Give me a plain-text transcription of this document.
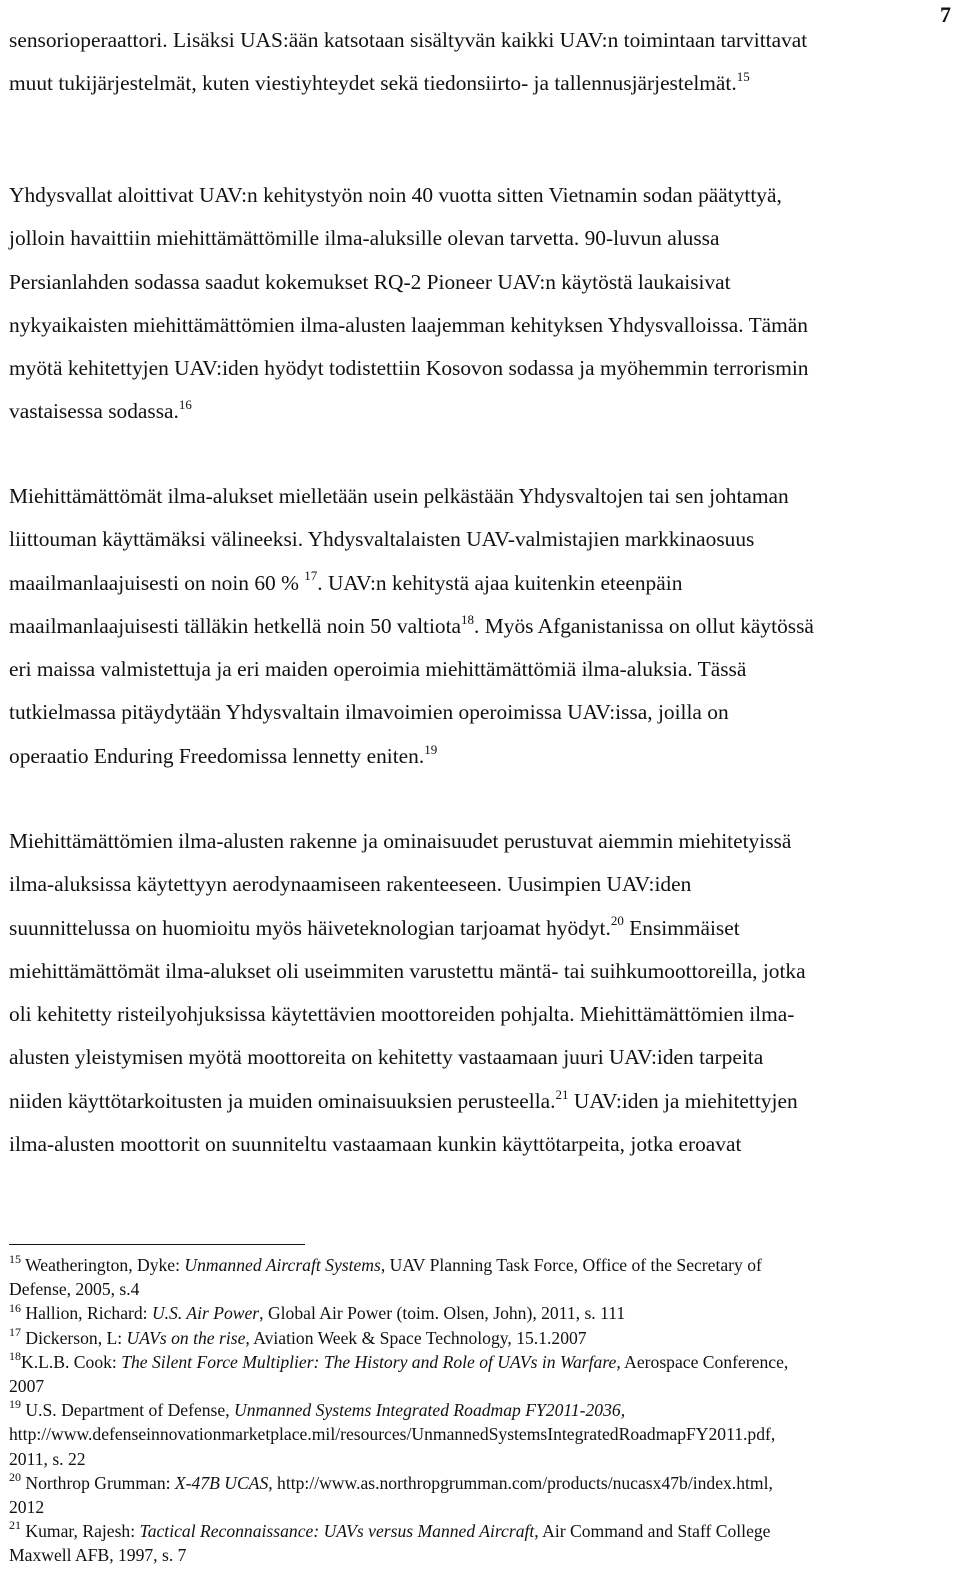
7
sensorioperaattori. Lisäksi UAS:ään katsotaan sisältyvän kaikki UAV:n toimintaan tarvittavat
muut tukijärjestelmät, kuten viestiyhteydet sekä tiedonsiirto- ja tallennusjärjestelmät.$^{15}$
Yhdysvallat aloittivat UAV:n kehitystyön noin 40 vuotta sitten Vietnamin sodan päätyttyä,
jolloin havaittiin miehittämättömille ilma-aluksille olevan tarvetta. 90-luvun alussa
Persianlahden sodassa saadut kokemukset RQ-2 Pioneer UAV:n käytöstä laukaisivat
nykyaikaisten miehittämättömien ilma-alusten laajemman kehityksen Yhdysvalloissa. Tämän
myötä kehitettyjen UAV:iden hyödyt todistettiin Kosovon sodassa ja myöhemmin terrorismin
vastaisessa sodassa.$^{16}$
Miehittämättömät ilma-alukset mielletään usein pelkästään Yhdysvaltojen tai sen johtaman
liittouman käyttämäksi välineeksi. Yhdysvaltalaisten UAV-valmistajien markkinaosuus
maailmanlaajuisesti on noin 60 % $^{17}$. UAV:n kehitystä ajaa kuitenkin eteenpäin
maailmanlaajuisesti tälläkin hetkellä noin 50 valtiota$^{18}$. Myös Afganistanissa on ollut käytössä
eri maissa valmistettuja ja eri maiden operoimia miehittämättömiä ilma-aluksia. Tässä
tutkielmassa pitäydytään Yhdysvaltain ilmavoimien operoimissa UAV:issa, joilla on
operaatio Enduring Freedomissa lennetty eniten.$^{19}$
Miehittämättömien ilma-alusten rakenne ja ominaisuudet perustuvat aiemmin miehitetyissä
ilma-aluksissa käytettyyn aerodynaamiseen rakenteeseen. Uusimpien UAV:iden
suunnittelussa on huomioitu myös häiveteknologian tarjoamat hyödyt.$^{20}$ Ensimmäiset
miehittämättömät ilma-alukset oli useimmiten varustettu mäntä- tai suihkumoottoreilla, jotka
oli kehitetty risteilyohjuksissa käytettävien moottoreiden pohjalta. Miehittämättömien ilma-
alusten yleistymisen myötä moottoreita on kehitetty vastaamaan juuri UAV:iden tarpeita
niiden käyttötarkoitusten ja muiden ominaisuuksien perusteella.$^{21}$ UAV:iden ja miehitettyjen
ilma-alusten moottorit on suunniteltu vastaamaan kunkin käyttötarpeita, jotka eroavat
$^{15}$ Weatherington, Dyke: Unmanned Aircraft Systems, UAV Planning Task Force, Office of the Secretary of
Defense, 2005, s.4
$^{16}$ Hallion, Richard: U.S. Air Power, Global Air Power (toim. Olsen, John), 2011, s. 111
$^{17}$ Dickerson, L: UAVs on the rise, Aviation Week & Space Technology, 15.1.2007
$^{18}$K.L.B. Cook: The Silent Force Multiplier: The History and Role of UAVs in Warfare, Aerospace Conference,
2007
$^{19}$ U.S. Department of Defense, Unmanned Systems Integrated Roadmap FY2011-2036,
http://www.defenseinnovationmarketplace.mil/resources/UnmannedSystemsIntegratedRoadmapFY2011.pdf,
2011, s. 22
$^{20}$ Northrop Grumman: X-47B UCAS, http://www.as.northropgrumman.com/products/nucasx47b/index.html,
2012
$^{21}$ Kumar, Rajesh: Tactical Reconnaissance: UAVs versus Manned Aircraft, Air Command and Staff College
Maxwell AFB, 1997, s. 7
